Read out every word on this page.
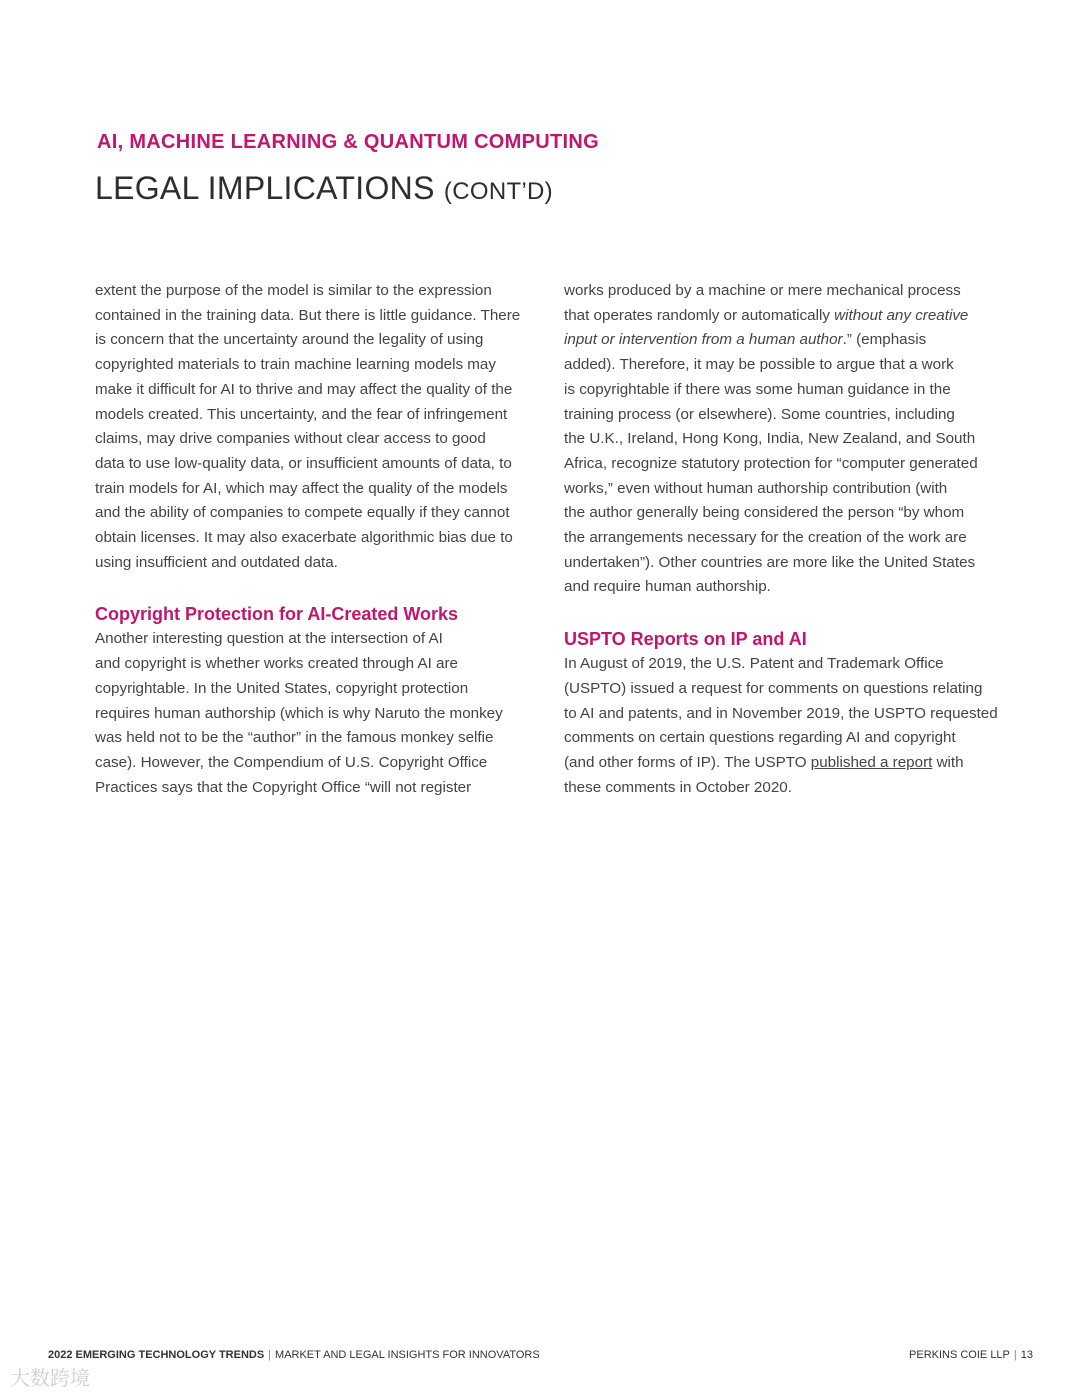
AI, MACHINE LEARNING & QUANTUM COMPUTING
LEGAL IMPLICATIONS (CONT’D)

extent the purpose of the model is similar to the expression
contained in the training data. But there is little guidance. There
is concern that the uncertainty around the legality of using
copyrighted materials to train machine learning models may
make it difficult for AI to thrive and may affect the quality of the
models created. This uncertainty, and the fear of infringement
claims, may drive companies without clear access to good
data to use low-quality data, or insufficient amounts of data, to
train models for AI, which may affect the quality of the models
and the ability of companies to compete equally if they cannot
obtain licenses. It may also exacerbate algorithmic bias due to
using insufficient and outdated data.

Copyright Protection for AI-Created Works

Another interesting question at the intersection of AI
and copyright is whether works created through AI are
copyrightable. In the United States, copyright protection
requires human authorship (which is why Naruto the monkey
was held not to be the “author” in the famous monkey selfie
case). However, the Compendium of U.S. Copyright Office
Practices says that the Copyright Office “will not register

works produced by a machine or mere mechanical process
that operates randomly or automatically without any creative
input or intervention from a human author.” (emphasis
added). Therefore, it may be possible to argue that a work
is copyrightable if there was some human guidance in the
training process (or elsewhere). Some countries, including
the U.K., Ireland, Hong Kong, India, New Zealand, and South
Africa, recognize statutory protection for “computer generated
works,” even without human authorship contribution (with
the author generally being considered the person “by whom
the arrangements necessary for the creation of the work are
undertaken”). Other countries are more like the United States
and require human authorship.

USPTO Reports on IP and AI

In August of 2019, the U.S. Patent and Trademark Office
(USPTO) issued a request for comments on questions relating
to AI and patents, and in November 2019, the USPTO requested
comments on certain questions regarding AI and copyright
(and other forms of IP). The USPTO published a report with
these comments in October 2020.

2022 EMERGING TECHNOLOGY TRENDS | MARKET AND LEGAL INSIGHTS FOR INNOVATORS	PERKINS COIE LLP | 13
大数跨境
